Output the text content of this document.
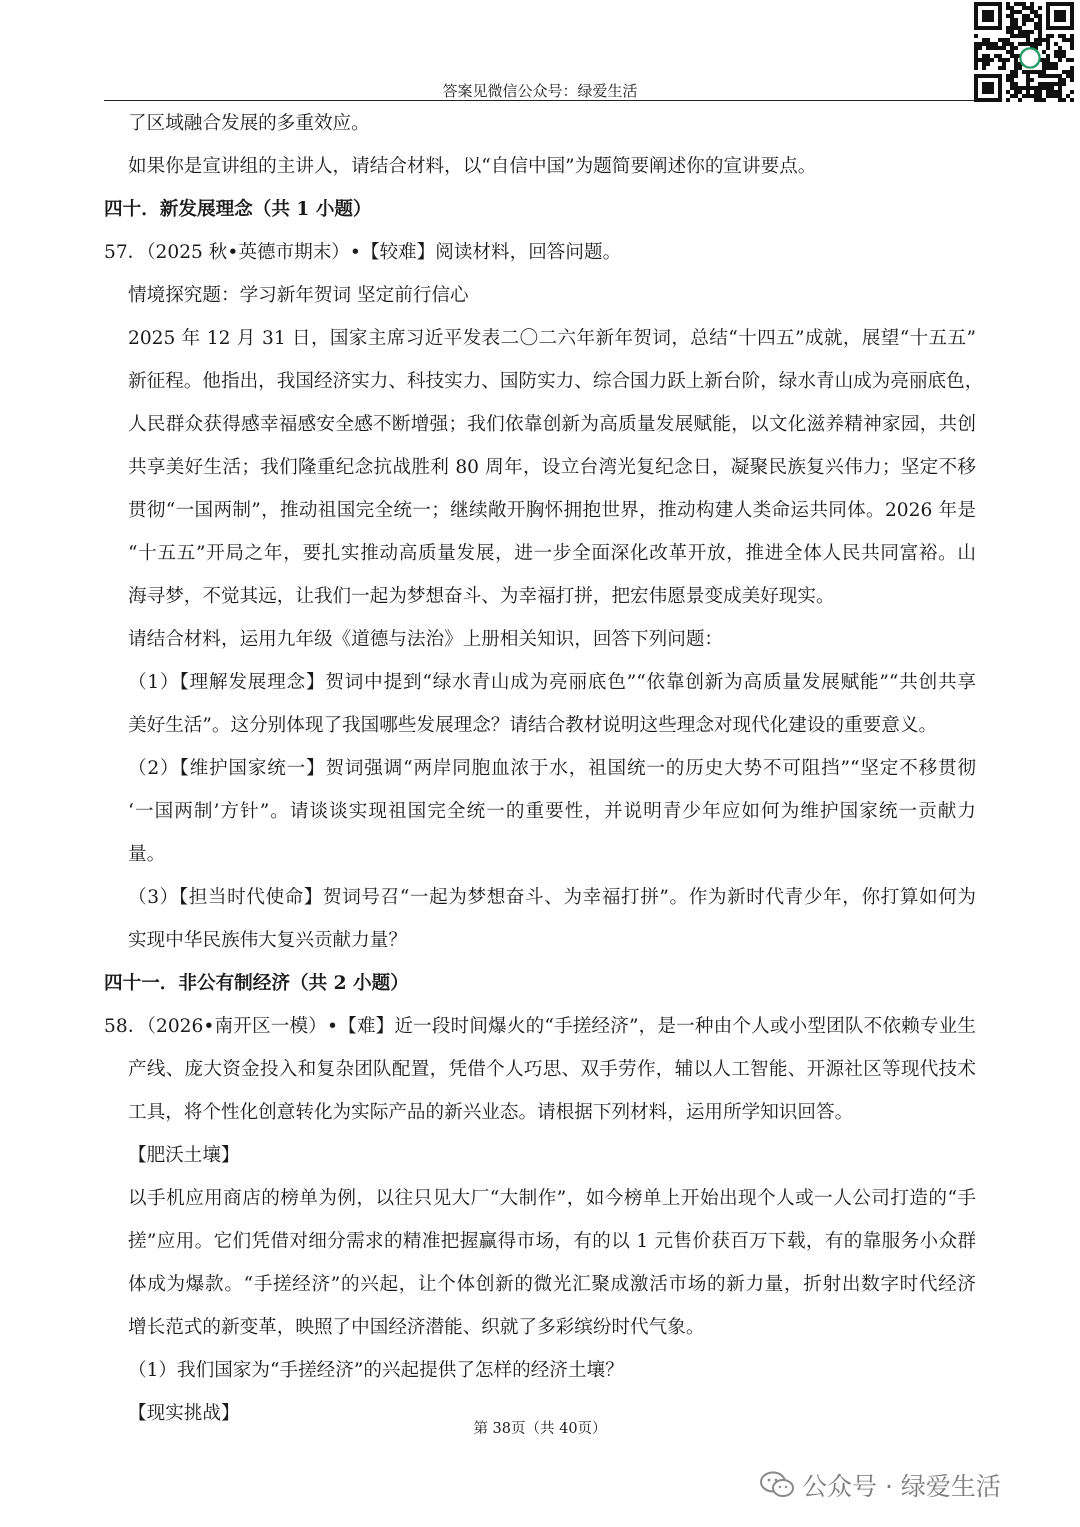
答案见微信公众号：绿爱生活
了区域融合发展的多重效应。
如果你是宣讲组的主讲人，请结合材料，以“自信中国”为题简要阐述你的宣讲要点。
四十．新发展理念（共 1 小题）
57．（2025 秋•英德市期末）•【较难】阅读材料，回答问题。
情境探究题：学习新年贺词 坚定前行信心
2025 年 12 月 31 日，国家主席习近平发表二〇二六年新年贺词，总结“十四五”成就，展望“十五五”
新征程。他指出，我国经济实力、科技实力、国防实力、综合国力跃上新台阶，绿水青山成为亮丽底色，
人民群众获得感幸福感安全感不断增强；我们依靠创新为高质量发展赋能，以文化滋养精神家园，共创
共享美好生活；我们隆重纪念抗战胜利 80 周年，设立台湾光复纪念日，凝聚民族复兴伟力；坚定不移
贯彻“一国两制”，推动祖国完全统一；继续敞开胸怀拥抱世界，推动构建人类命运共同体。2026 年是
“十五五”开局之年，要扎实推动高质量发展，进一步全面深化改革开放，推进全体人民共同富裕。山
海寻梦，不觉其远，让我们一起为梦想奋斗、为幸福打拼，把宏伟愿景变成美好现实。
请结合材料，运用九年级《道德与法治》上册相关知识，回答下列问题：
（1）【理解发展理念】贺词中提到“绿水青山成为亮丽底色”“依靠创新为高质量发展赋能”“共创共享
美好生活”。这分别体现了我国哪些发展理念？请结合教材说明这些理念对现代化建设的重要意义。
（2）【维护国家统一】贺词强调“两岸同胞血浓于水，祖国统一的历史大势不可阻挡”“坚定不移贯彻
‘一国两制’方针”。请谈谈实现祖国完全统一的重要性，并说明青少年应如何为维护国家统一贡献力
量。
（3）【担当时代使命】贺词号召“一起为梦想奋斗、为幸福打拼”。作为新时代青少年，你打算如何为
实现中华民族伟大复兴贡献力量？
四十一．非公有制经济（共 2 小题）
58．（2026•南开区一模）•【难】近一段时间爆火的“手搓经济”，是一种由个人或小型团队不依赖专业生
产线、庞大资金投入和复杂团队配置，凭借个人巧思、双手劳作，辅以人工智能、开源社区等现代技术
工具，将个性化创意转化为实际产品的新兴业态。请根据下列材料，运用所学知识回答。
【肥沃土壤】
以手机应用商店的榜单为例，以往只见大厂“大制作”，如今榜单上开始出现个人或一人公司打造的“手
搓”应用。它们凭借对细分需求的精准把握赢得市场，有的以 1 元售价获百万下载，有的靠服务小众群
体成为爆款。“手搓经济”的兴起，让个体创新的微光汇聚成激活市场的新力量，折射出数字时代经济
增长范式的新变革，映照了中国经济潜能、织就了多彩缤纷时代气象。
（1）我们国家为“手搓经济”的兴起提供了怎样的经济土壤？
【现实挑战】
第 38页（共 40页）
公众号 · 绿爱生活
